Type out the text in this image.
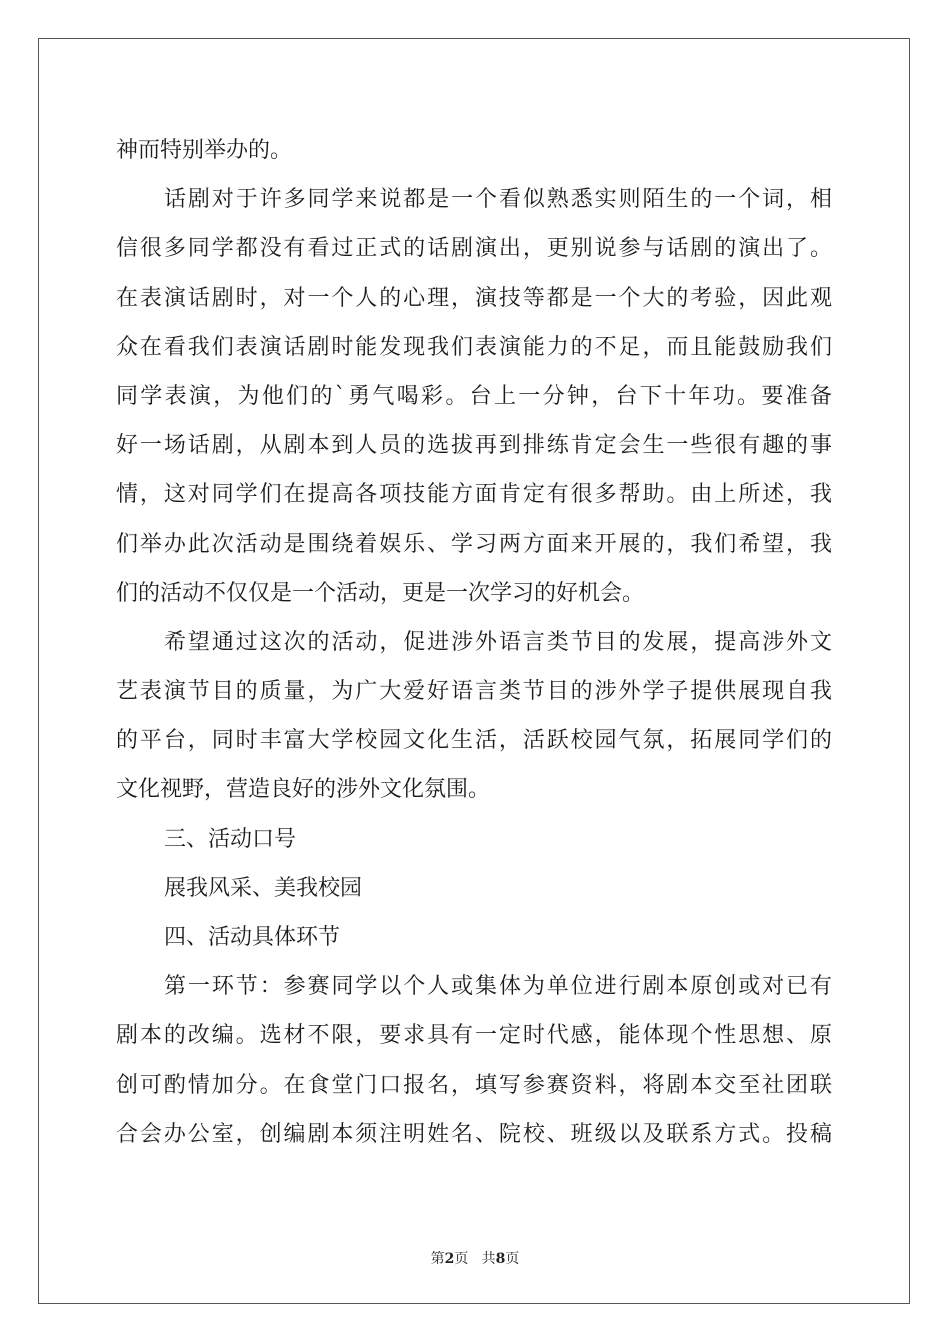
神而特别举办的。
话剧对于许多同学来说都是一个看似熟悉实则陌生的一个词，相
信很多同学都没有看过正式的话剧演出，更别说参与话剧的演出了。
在表演话剧时，对一个人的心理，演技等都是一个大的考验，因此观
众在看我们表演话剧时能发现我们表演能力的不足，而且能鼓励我们
同学表演，为他们的`勇气喝彩。台上一分钟，台下十年功。要准备
好一场话剧，从剧本到人员的选拔再到排练肯定会生一些很有趣的事
情，这对同学们在提高各项技能方面肯定有很多帮助。由上所述，我
们举办此次活动是围绕着娱乐、学习两方面来开展的，我们希望，我
们的活动不仅仅是一个活动，更是一次学习的好机会。
希望通过这次的活动，促进涉外语言类节目的发展，提高涉外文
艺表演节目的质量，为广大爱好语言类节目的涉外学子提供展现自我
的平台，同时丰富大学校园文化生活，活跃校园气氛，拓展同学们的
文化视野，营造良好的涉外文化氛围。
三、活动口号
展我风采、美我校园
四、活动具体环节
第一环节：参赛同学以个人或集体为单位进行剧本原创或对已有
剧本的改编。选材不限，要求具有一定时代感，能体现个性思想、原
创可酌情加分。在食堂门口报名，填写参赛资料，将剧本交至社团联
合会办公室，创编剧本须注明姓名、院校、班级以及联系方式。投稿
第2页 共8页
